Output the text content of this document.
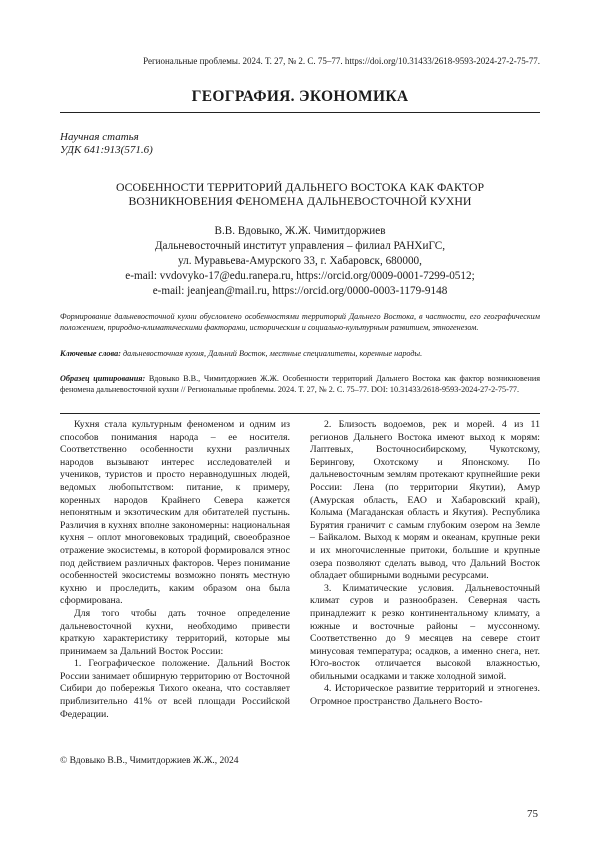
Региональные проблемы. 2024. Т. 27, № 2. С. 75–77. https://doi.org/10.31433/2618-9593-2024-27-2-75-77.
ГЕОГРАФИЯ. ЭКОНОМИКА
Научная статья
УДК 641:913(571.6)
ОСОБЕННОСТИ ТЕРРИТОРИЙ ДАЛЬНЕГО ВОСТОКА КАК ФАКТОР
ВОЗНИКНОВЕНИЯ ФЕНОМЕНА ДАЛЬНЕВОСТОЧНОЙ КУХНИ
В.В. Вдовыко, Ж.Ж. Чимитдоржиев
Дальневосточный институт управления – филиал РАНХиГС,
ул. Муравьева-Амурского 33, г. Хабаровск, 680000,
e-mail: vvdovyko-17@edu.ranepa.ru, https://orcid.org/0009-0001-7299-0512;
e-mail: jeanjean@mail.ru, https://orcid.org/0000-0003-1179-9148
Формирование дальневосточной кухни обусловлено особенностями территорий Дальнего Востока, в частности, его географическим положением, природно-климатическими факторами, историческим и социально-культурным развитием, этногенезом.
Ключевые слова: дальневосточная кухня, Дальний Восток, местные специалитеты, коренные народы.
Образец цитирования: Вдовыко В.В., Чимитдоржиев Ж.Ж. Особенности территорий Дальнего Востока как фактор возникновения феномена дальневосточной кухни // Региональные проблемы. 2024. Т. 27, № 2. С. 75–77. DOI: 10.31433/2618-9593-2024-27-2-75-77.

Кухня стала культурным феноменом и одним из способов понимания народа – ее носителя. Соответственно особенности кухни различных народов вызывают интерес исследователей и учеников, туристов и просто неравнодушных людей, ведомых любопытством: питание, к примеру, коренных народов Крайнего Севера кажется непонятным и экзотическим для обитателей пустынь. Различия в кухнях вполне закономерны: национальная кухня – оплот многовековых традиций, своеобразное отражение экосистемы, в которой формировался этнос под действием различных факторов. Через понимание особенностей экосистемы возможно понять местную кухню и проследить, каким образом она была сформирована.

Для того чтобы дать точное определение дальневосточной кухни, необходимо привести краткую характеристику территорий, которые мы принимаем за Дальний Восток России:

1. Географическое положение. Дальний Восток России занимает обширную территорию от Восточной Сибири до побережья Тихого океана, что составляет приблизительно 41% от всей площади Российской Федерации.

2. Близость водоемов, рек и морей. 4 из 11 регионов Дальнего Востока имеют выход к морям: Лаптевых, Восточносибирскому, Чукотскому, Берингову, Охотскому и Японскому. По дальневосточным землям протекают крупнейшие реки России: Лена (по территории Якутии), Амур (Амурская область, ЕАО и Хабаровский край), Колыма (Магаданская область и Якутия). Республика Бурятия граничит с самым глубоким озером на Земле – Байкалом. Выход к морям и океанам, крупные реки и их многочисленные притоки, большие и крупные озера позволяют сделать вывод, что Дальний Восток обладает обширными водными ресурсами.

3. Климатические условия. Дальневосточный климат суров и разнообразен. Северная часть принадлежит к резко континентальному климату, а южные и восточные районы – муссонному. Соответственно до 9 месяцев на севере стоит минусовая температура; осадков, а именно снега, нет. Юго-восток отличается высокой влажностью, обильными осадками и также холодной зимой.

4. Историческое развитие территорий и этногенез. Огромное пространство Дальнего Восто-

© Вдовыко В.В., Чимитдоржиев Ж.Ж., 2024
75
